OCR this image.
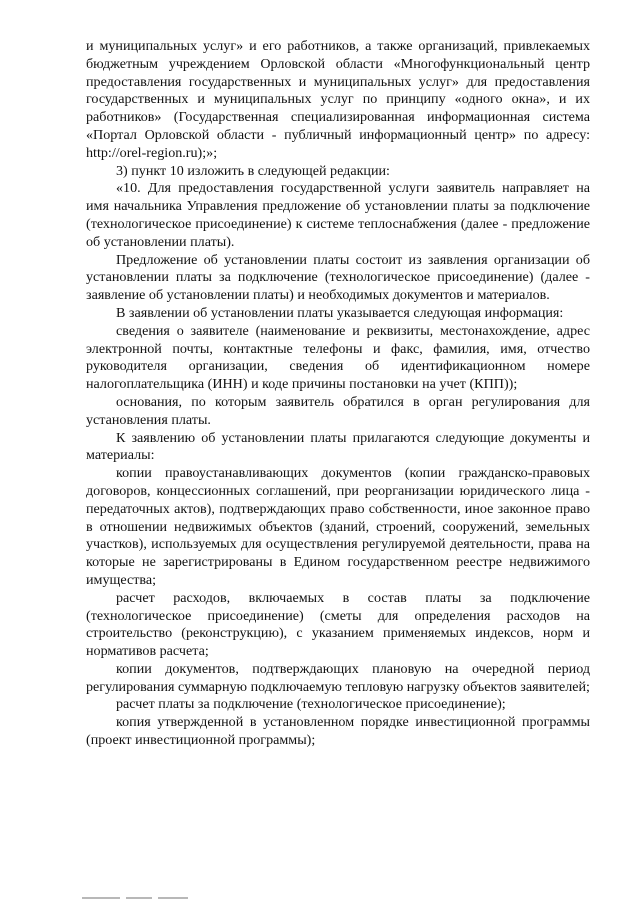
и муниципальных услуг» и его работников, а также организаций, привлекаемых бюджетным учреждением Орловской области «Многофункциональный центр предоставления государственных и муниципальных услуг» для предоставления государственных и муниципальных услуг по принципу «одного окна», и их работников» (Государственная специализированная информационная система «Портал Орловской области - публичный информационный центр» по адресу: http://orel-region.ru);»;

3) пункт 10 изложить в следующей редакции:

«10. Для предоставления государственной услуги заявитель направляет на имя начальника Управления предложение об установлении платы за подключение (технологическое присоединение) к системе теплоснабжения (далее - предложение об установлении платы).

Предложение об установлении платы состоит из заявления организации об установлении платы за подключение (технологическое присоединение) (далее - заявление об установлении платы) и необходимых документов и материалов.

В заявлении об установлении платы указывается следующая информация:

сведения о заявителе (наименование и реквизиты, местонахождение, адрес электронной почты, контактные телефоны и факс, фамилия, имя, отчество руководителя организации, сведения об идентификационном номере налогоплательщика (ИНН) и коде причины постановки на учет (КПП));

основания, по которым заявитель обратился в орган регулирования для установления платы.

К заявлению об установлении платы прилагаются следующие документы и материалы:

копии правоустанавливающих документов (копии гражданско-правовых договоров, концессионных соглашений, при реорганизации юридического лица - передаточных актов), подтверждающих право собственности, иное законное право в отношении недвижимых объектов (зданий, строений, сооружений, земельных участков), используемых для осуществления регулируемой деятельности, права на которые не зарегистрированы в Едином государственном реестре недвижимого имущества;

расчет расходов, включаемых в состав платы за подключение (технологическое присоединение) (сметы для определения расходов на строительство (реконструкцию), с указанием применяемых индексов, норм и нормативов расчета;

копии документов, подтверждающих плановую на очередной период регулирования суммарную подключаемую тепловую нагрузку объектов заявителей;

расчет платы за подключение (технологическое присоединение);

копия утвержденной в установленном порядке инвестиционной программы (проект инвестиционной программы);
